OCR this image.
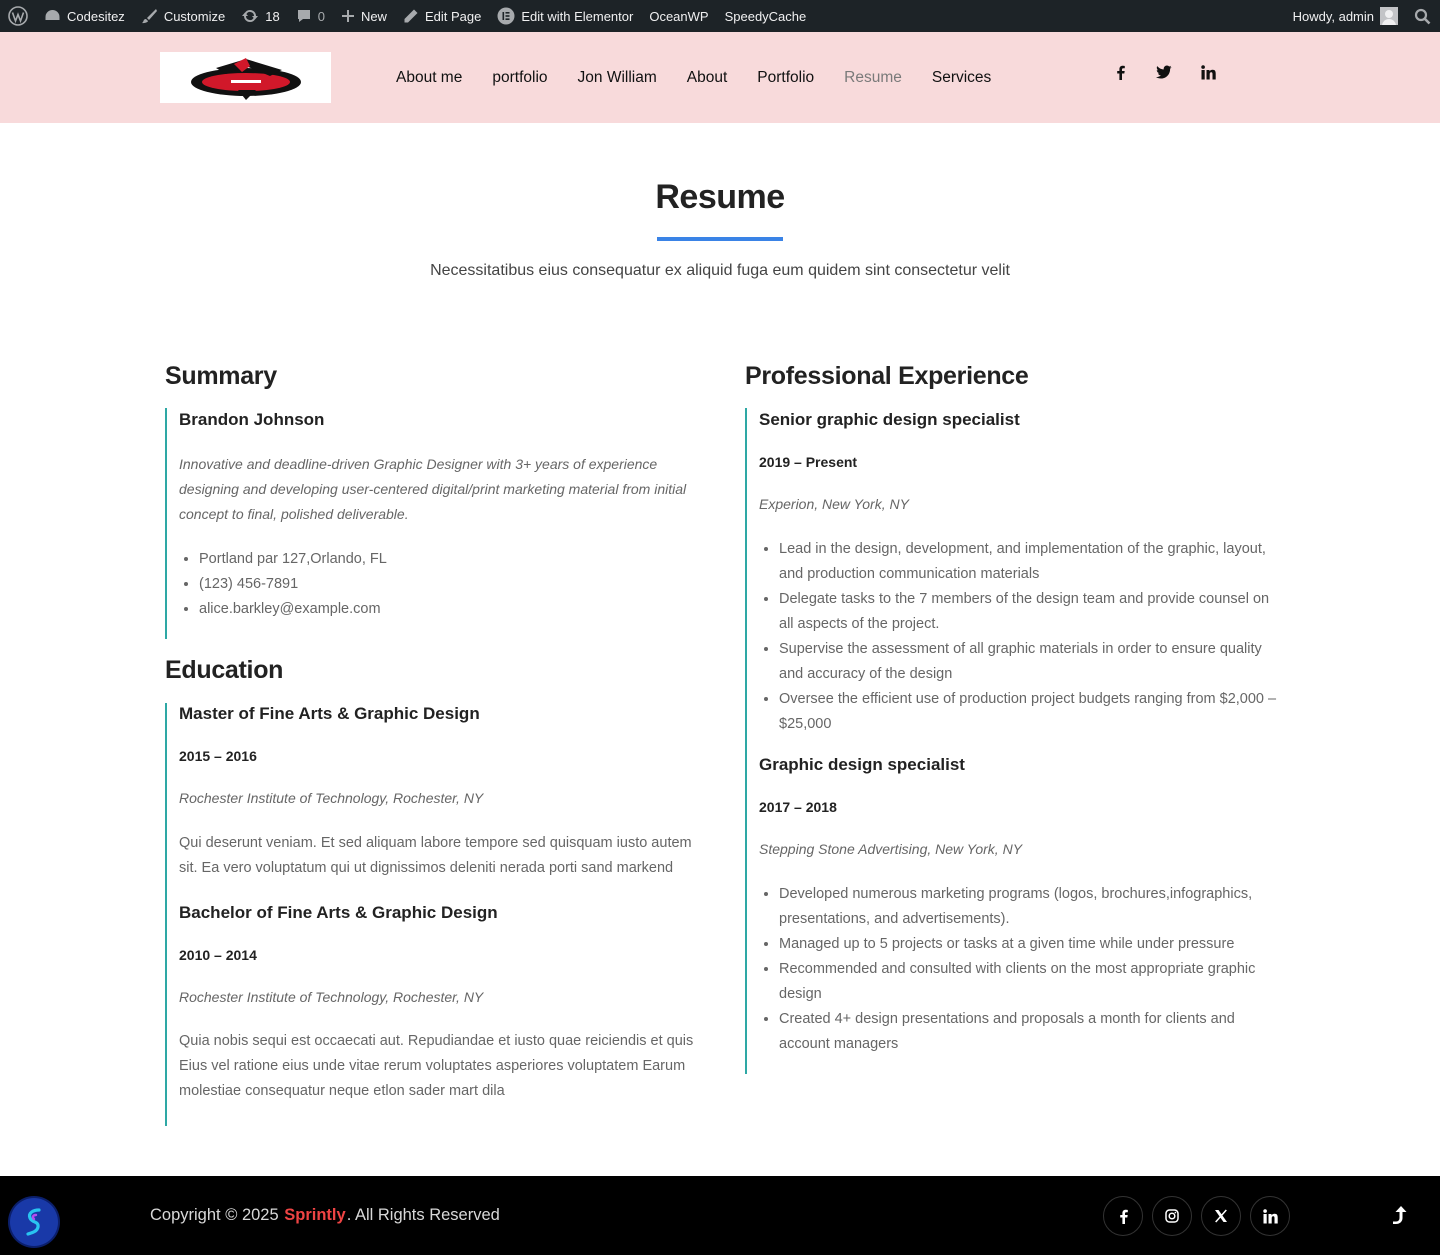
Codesitez	Customize	18	0	New	Edit Page	Edit with Elementor OceanWP SpeedyCache	Howdy, admin
About me	portfolio	Jon William	About	Portfolio	Resume	Services
Resume

Necessitatibus eius consequatur ex aliquid fuga eum quidem sint consectetur velit

Summary
Brandon Johnson

Innovative and deadline-driven Graphic Designer with 3+ years of experience designing and developing user-centered digital/print marketing material from initial concept to final, polished deliverable.

• Portland par 127,Orlando, FL
• (123) 456-7891
• alice.barkley@example.com
Education
Master of Fine Arts & Graphic Design
2015 – 2016
Rochester Institute of Technology, Rochester, NY

Qui deserunt veniam. Et sed aliquam labore tempore sed quisquam iusto autem sit. Ea vero voluptatum qui ut dignissimos deleniti nerada porti sand markend

Bachelor of Fine Arts & Graphic Design
2010 – 2014
Rochester Institute of Technology, Rochester, NY

Quia nobis sequi est occaecati aut. Repudiandae et iusto quae reiciendis et quis Eius vel ratione eius unde vitae rerum voluptates asperiores voluptatem Earum molestiae consequatur neque etlon sader mart dila

Professional Experience
Senior graphic design specialist
2019 – Present
Experion, New York, NY
• Lead in the design, development, and implementation of the graphic, layout, and production communication materials
• Delegate tasks to the 7 members of the design team and provide counsel on all aspects of the project.
• Supervise the assessment of all graphic materials in order to ensure quality and accuracy of the design
• Oversee the efficient use of production project budgets ranging from $2,000 – $25,000
Graphic design specialist
2017 – 2018
Stepping Stone Advertising, New York, NY
• Developed numerous marketing programs (logos, brochures,infographics, presentations, and advertisements).
• Managed up to 5 projects or tasks at a given time while under pressure
• Recommended and consulted with clients on the most appropriate graphic design
• Created 4+ design presentations and proposals a month for clients and account managers
Copyright © 2025
Sprintly . All Rights Reserved
